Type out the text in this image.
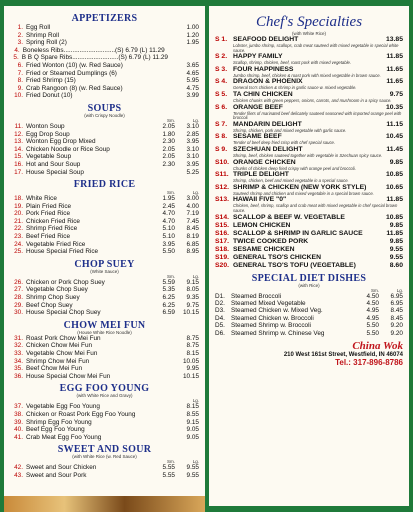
APPETIZERS
1. Egg Roll	1.00
2. Shrimp Roll	1.20
3. Spring Roll (2)	1.95
4. Boneless Ribs.............................(S) 6.79 (L) 11.29
5. B B Q Spare Ribs..........................(S) 6.79 (L) 11.29
6. Fried Wonton (10) (w. Red Sauce)	3.65
7. Fried or Steamed Dumplings (6)	4.65
8. Fried Shrimp (15)	5.95
9. Crab Rangoon (8) (w. Red Sauce)	4.75
10. Fried Donut (10)	3.99
SOUPS
(with Crispy Noodle)
Sm.	Lg.
11. Wonton Soup	2.05	3.10
12. Egg Drop Soup	1.80	2.85
13. Wonton Egg Drop Mixed	2.30	3.95
14. Chicken Noodle or Rice Soup	2.05	3.10
15. Vegetable Soup	2.05	3.10
16. Hot and Sour Soup	2.30	3.95
17. House Special Soup	5.25
FRIED RICE
Sm.	Lg.
18. White Rice	1.95	3.00
19. Plain Fried Rice	2.45	4.00
20. Pork Fried Rice	4.70	7.19
21. Chicken Fried Rice	4.70	7.45
22. Shrimp Fried Rice	5.10	8.45
23. Beef Fried Rice	5.10	8.19
24. Vegetable Fried Rice	3.95	6.85
25. House Special Fried Rice	5.50	8.95
CHOP SUEY
(White Sauce)
Sm.	Lg.
26. Chicken or Pork Chop Suey	5.59	9.15
27. Vegetable Chop Suey	5.35	8.05
28. Shrimp Chop Suey	6.25	9.35
29. Beef Chop Suey	6.25	9.75
30. House Special Chop Suey	6.59	10.15
CHOW MEI FUN
(House White Rice Noodle)
31. Roast Pork Chow Mei Fun	8.75
32. Chicken Chow Mei Fun	8.75
33. Vegetable Chow Mei Fun	8.15
34. Shrimp Chow Mei Fun	10.05
35. Beef Chow Mei Fun	9.95
36. House Special Chow Mei Fun	10.15
EGG FOO YOUNG
(with White Rice and Gravy)
Lg.
37. Vegetable Egg Foo Young	8.15
38. Chicken or Roast Pork Egg Foo Young	8.55
39. Shrimp Egg Foo Young	9.15
40. Beef Egg Foo Young	9.05
41. Crab Meat Egg Foo Young	9.05
SWEET AND SOUR
(with White Rice (w. Red Sauce)
Sm.	Lg.
42. Sweet and Sour Chicken	5.55	9.55
43. Sweet and Sour Pork	5.55	9.55
Chef's Specialties
(with White Rice)
S 1. SEAFOOD DELIGHT	13.85
Lobster, jumbo shrimp, scallops, crab meat sauteed with mixed vegetable in special white sauce.
S 2. HAPPY FAMILY	11.85
Scallop, shrimp, chicken, beef, roast pork with mixed vegetable.
S 3. FOUR HAPPINESS	11.65
Jumbo shrimp, beef, chicken & roast pork with mixed vegetable in brown sauce.
S 4. DRAGON & PHOENIX	11.65
General tso's chicken & shrimp in garlic sauce w. mixed vegetable.
S 5. TA CHIN CHICKEN	9.75
Chicken chunks with green peppers, onions, carrots, and mushroom in a spicy sauce.
S 6. ORANGE BEEF	10.35
Tender filets of marinated beef delicately sauteed seasoned with imported orange peel with broccoli.
S 7. MANDARIN DELIGHT	11.15
Shrimp, chicken, pork and mixed vegetable with garlic sauce.
S 8. SESAME BEEF	10.45
Tender of beef deep fried crisp with chef special sauce.
S 9. SZECHUAN DELIGHT	11.45
Shrimp, beef, chicken sauteed together with vegetable in Szechuan spicy sauce.
S10. ORANGE CHICKEN	9.85
Chunks of chicken deep fried crispy with orange peel and broccoli.
S11. TRIPLE DELIGHT	10.85
Shrimp, chicken, beef and mixed vegetable in a special sauce.
S12. SHRIMP & CHICKEN (NEW YORK STYLE)	10.65
Sauteed shrimp and chicken and mixed vegetable in a special brown sauce.
S13. HAWAII FIVE "0"	11.85
Chicken, beef, shrimp, scallop and crab meat with mixed vegetable in chef special brown sauce.
S14. SCALLOP & BEEF W. VEGETABLE	10.85
S15. LEMON CHICKEN	9.85
S16. SCALLOP & SHRIMP IN GARLIC SAUCE	11.85
S17. TWICE COOKED PORK	9.85
S18. SESAME CHICKEN	9.55
S19. GENERAL TSO'S CHICKEN	9.55
S20. GENERAL TSO'S TOFU (VEGETABLE)	8.60
SPECIAL DIET DISHES
(with Rice)
Sm.	Lg.
D1. Steamed Broccoli	4.50	6.95
D2. Steamed Mixed Vegetable	4.50	6.95
D3. Steamed Chicken w. Mixed Veg.	4.95	8.45
D4. Steamed Chicken w. Broccoli	4.95	8.45
D5. Steamed Shrimp w. Broccoli	5.50	9.20
D6. Steamed Shrimp w. Chinese Veg	5.50	9.20
China Wok
210 West 161st Street, Westfield, IN 46074
Tel.: 317-896-8786
